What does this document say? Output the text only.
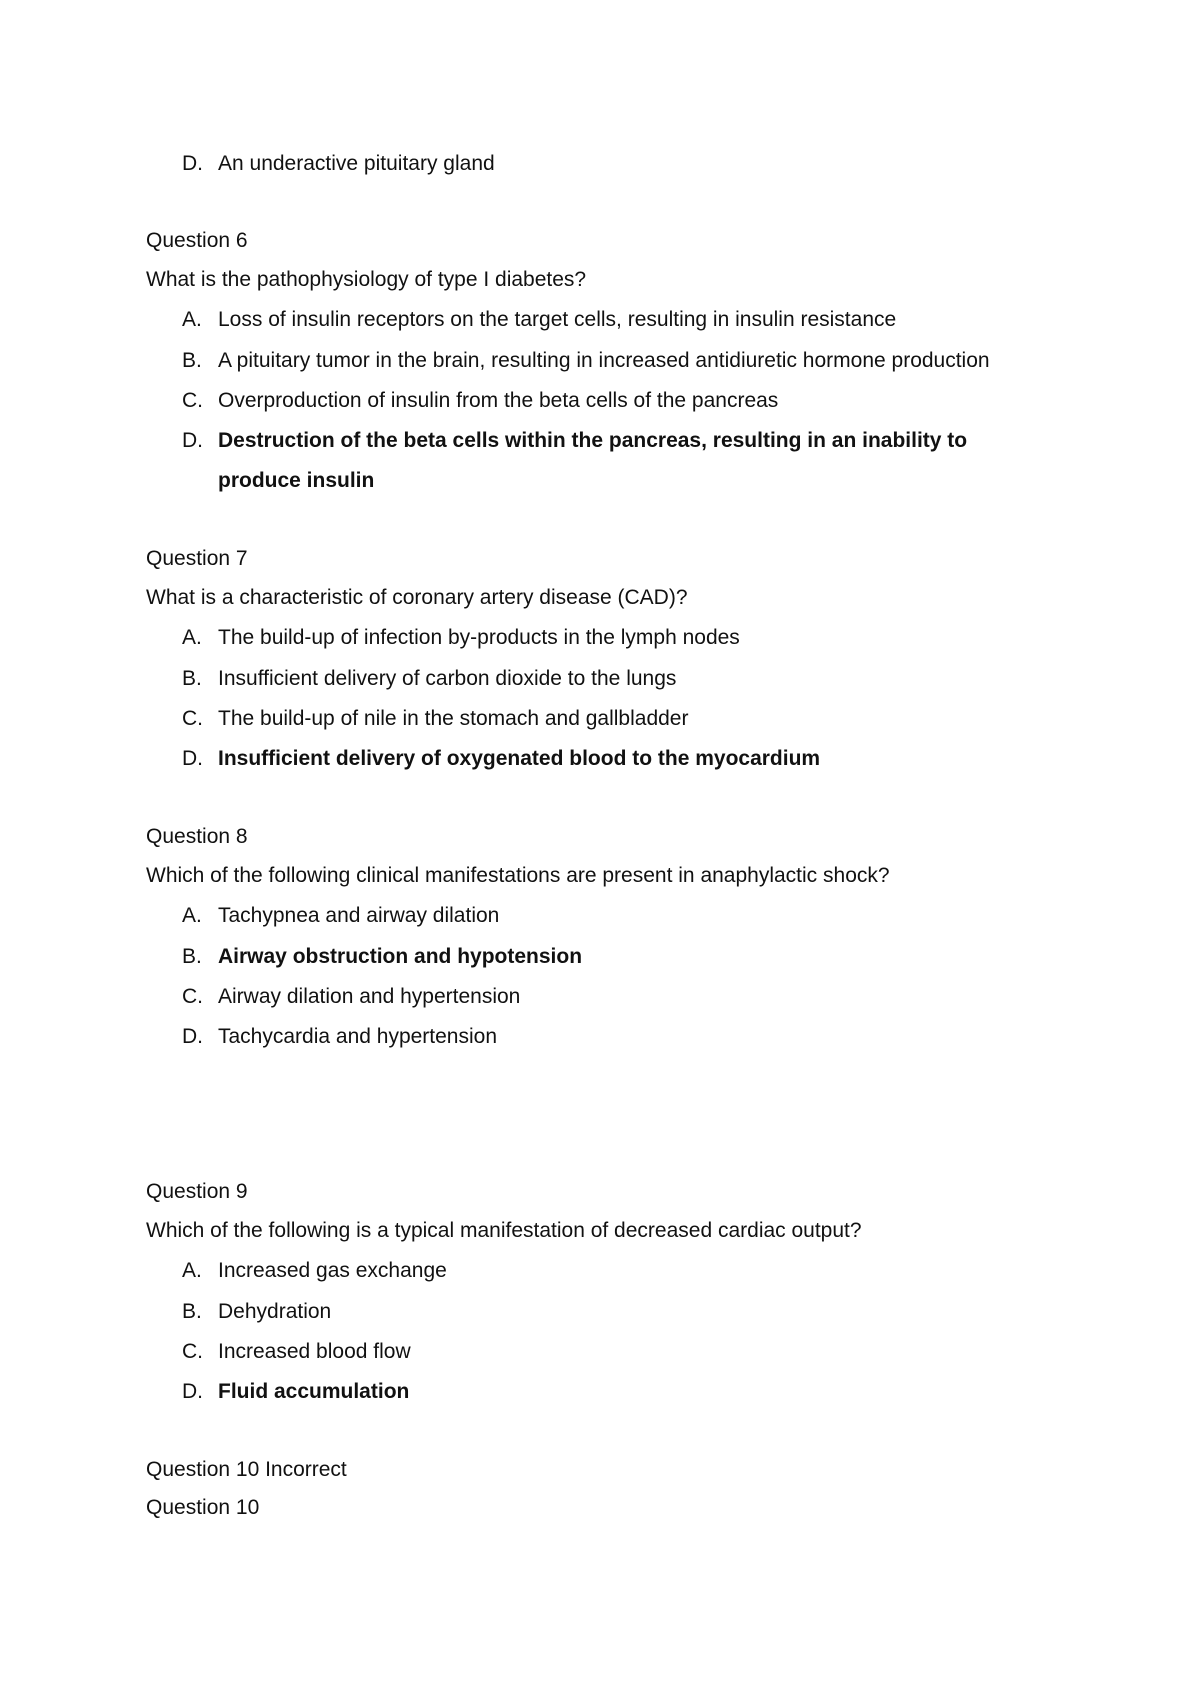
D. An underactive pituitary gland
Question 6
What is the pathophysiology of type I diabetes?
A. Loss of insulin receptors on the target cells, resulting in insulin resistance
B. A pituitary tumor in the brain, resulting in increased antidiuretic hormone production
C. Overproduction of insulin from the beta cells of the pancreas
D. Destruction of the beta cells within the pancreas, resulting in an inability to
produce insulin
Question 7
What is a characteristic of coronary artery disease (CAD)?
A. The build-up of infection by-products in the lymph nodes
B. Insufficient delivery of carbon dioxide to the lungs
C. The build-up of nile in the stomach and gallbladder
D. Insufficient delivery of oxygenated blood to the myocardium
Question 8
Which of the following clinical manifestations are present in anaphylactic shock?
A. Tachypnea and airway dilation
B. Airway obstruction and hypotension
C. Airway dilation and hypertension
D. Tachycardia and hypertension
Question 9
Which of the following is a typical manifestation of decreased cardiac output?
A. Increased gas exchange
B. Dehydration
C. Increased blood flow
D. Fluid accumulation
Question 10 Incorrect
Question 10
